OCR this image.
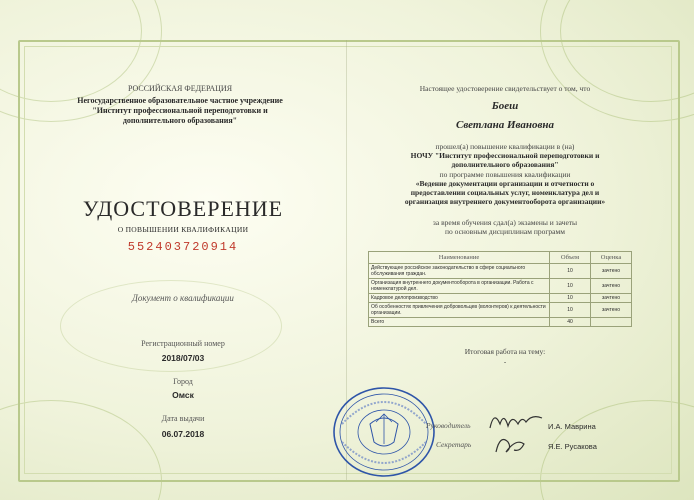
РОССИЙСКАЯ ФЕДЕРАЦИЯ
Негосударственное образовательное частное учреждение
"Институт профессиональной переподготовки и
дополнительного образования"
УДОСТОВЕРЕНИЕ
О ПОВЫШЕНИИ КВАЛИФИКАЦИИ
552403720914
Документ о квалификации
Регистрационный номер
2018/07/03
Город
Омск
Дата выдачи
06.07.2018
Настоящее удостоверение свидетельствует о том, что
Боеш
Светлана Ивановна
прошел(а) повышение квалификации в (на)
НОЧУ "Институт профессиональной переподготовки и
дополнительного образования"
по программе повышения квалификации
«Ведение документации организации и отчетности о
предоставлении социальных услуг, номенклатура дел и
организация внутреннего документооборота организации»
за время обучения сдал(а) экзамены и зачеты
по основным дисциплинам программ
Наименование	Объем	Оценка
Действующее российское законодательство в сфере социального обслуживания граждан.	10	зачтено
Организация внутреннего документооборота в организации. Работа с номенклатурой дел.	10	зачтено
Кадровое делопроизводство	10	зачтено
Об особенностях привлечения добровольцев (волонтеров) к деятельности организации.	10	зачтено
Всего	40	
Итоговая работа на тему:
-
Руководитель	И.А. Маврина
Секретарь	Я.Е. Русакова
